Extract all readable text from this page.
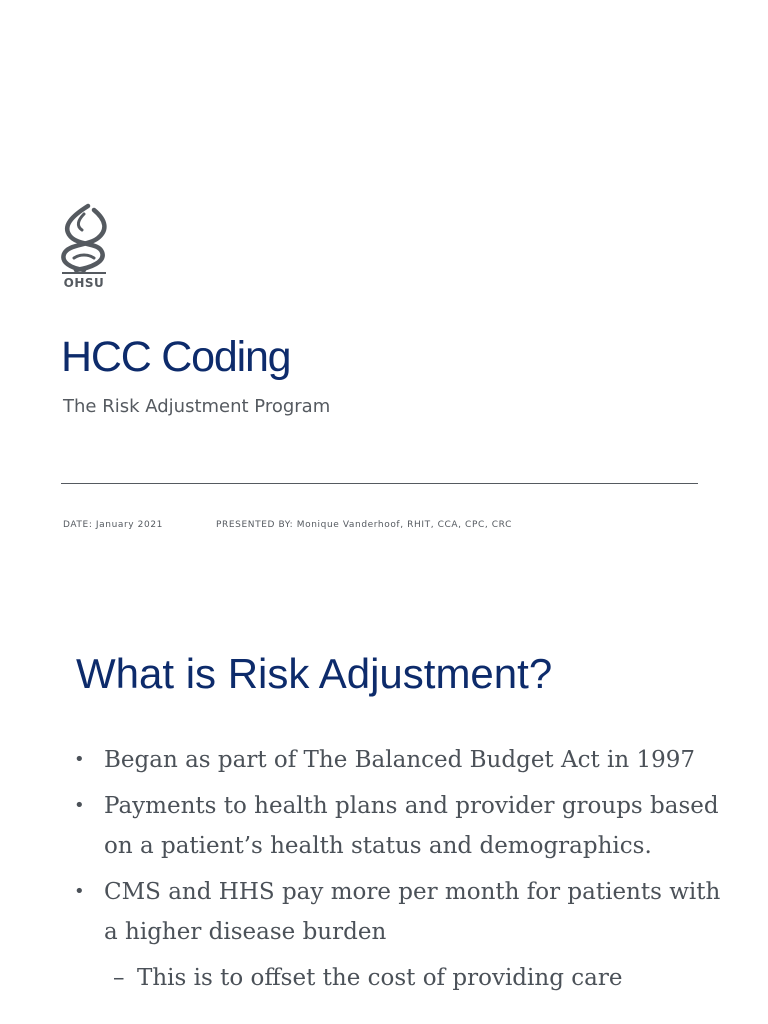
OHSU
HCC Coding

The Risk Adjustment Program

DATE: January 2021	PRESENTED BY: Monique Vanderhoof, RHIT, CCA, CPC, CRC

What is Risk Adjustment?
• Began as part of The Balanced Budget Act in 1997
• Payments to health plans and provider groups based on a patient’s health status and demographics.
• CMS and HHS pay more per month for patients with a higher disease burden
– This is to offset the cost of providing care
